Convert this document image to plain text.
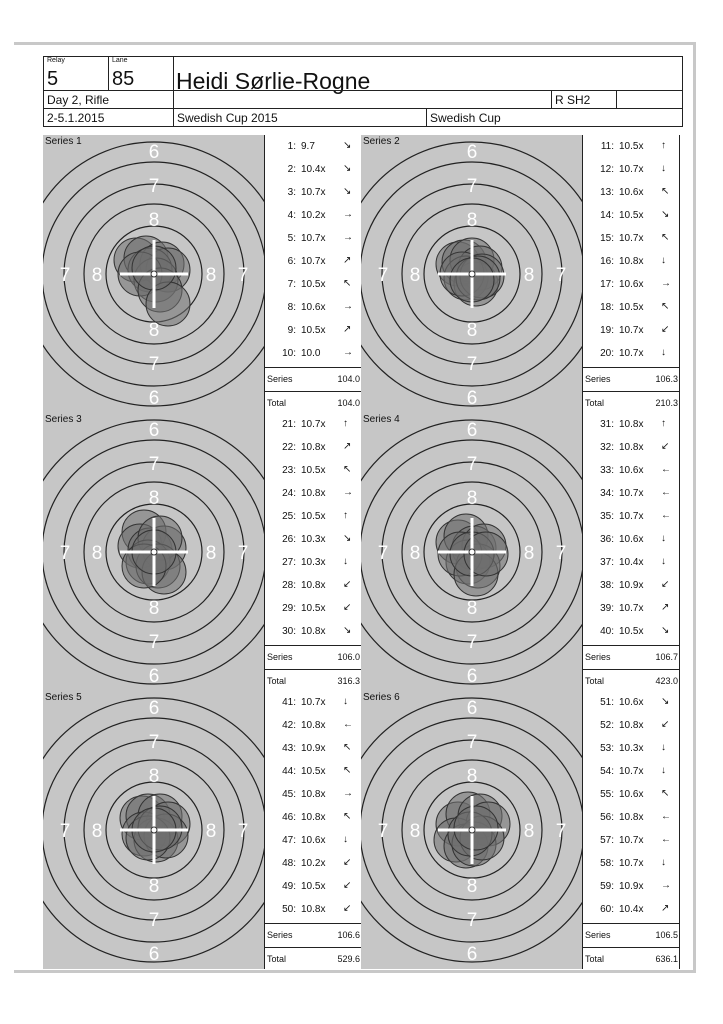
Relay
5
Lane
85 Heidi Sørlie-Rogne
Day 2, Rifle	R SH2
2-5.1.2015	Swedish Cup 2015	Swedish Cup
6
7
8
8
7
6
7 8	8 7
Series 1	1: 9.7	↘
2: 10.4x ↘
3: 10.7x ↘
4: 10.2x →
5: 10.7x →
6: 10.7x ↗
7: 10.5x ↖
8: 10.6x →
9: 10.5x ↗
10: 10.0 →
Series	104.0
Total	104.0
6
7
8
8
7
6
7 8	8 7
Series 2	11: 10.5x ↑
12: 10.7x ↓
13: 10.6x ↖
14: 10.5x ↘
15: 10.7x ↖
16: 10.8x ↓
17: 10.6x →
18: 10.5x ↖
19: 10.7x ↙
20: 10.7x ↓
Series	106.3
Total	210.3
6
7
8
8
7
6
7 8	8 7
Series 3	21: 10.7x ↑
22: 10.8x ↗
23: 10.5x ↖
24: 10.8x →
25: 10.5x ↑
26: 10.3x ↘
27: 10.3x ↓
28: 10.8x ↙
29: 10.5x ↙
30: 10.8x ↘
Series	106.0
Total	316.3
6
7
8
8
7
6
7 8	8 7
Series 4	31: 10.8x ↑
32: 10.8x ↙
33: 10.6x ←
34: 10.7x ←
35: 10.7x ←
36: 10.6x ↓
37: 10.4x ↓
38: 10.9x ↙
39: 10.7x ↗
40: 10.5x ↘
Series	106.7
Total	423.0
6
7
8
8
7
6
7 8	8 7
Series 5	41: 10.7x ↓
42: 10.8x ←
43: 10.9x ↖
44: 10.5x ↖
45: 10.8x →
46: 10.8x ↖
47: 10.6x ↓
48: 10.2x ↙
49: 10.5x ↙
50: 10.8x ↙
Series	106.6
Total	529.6
6
7
8
8
7
6
7 8	8 7
Series 6	51: 10.6x ↘
52: 10.8x ↙
53: 10.3x ↓
54: 10.7x ↓
55: 10.6x ↖
56: 10.8x ←
57: 10.7x ←
58: 10.7x ↓
59: 10.9x →
60: 10.4x ↗
Series	106.5
Total	636.1
